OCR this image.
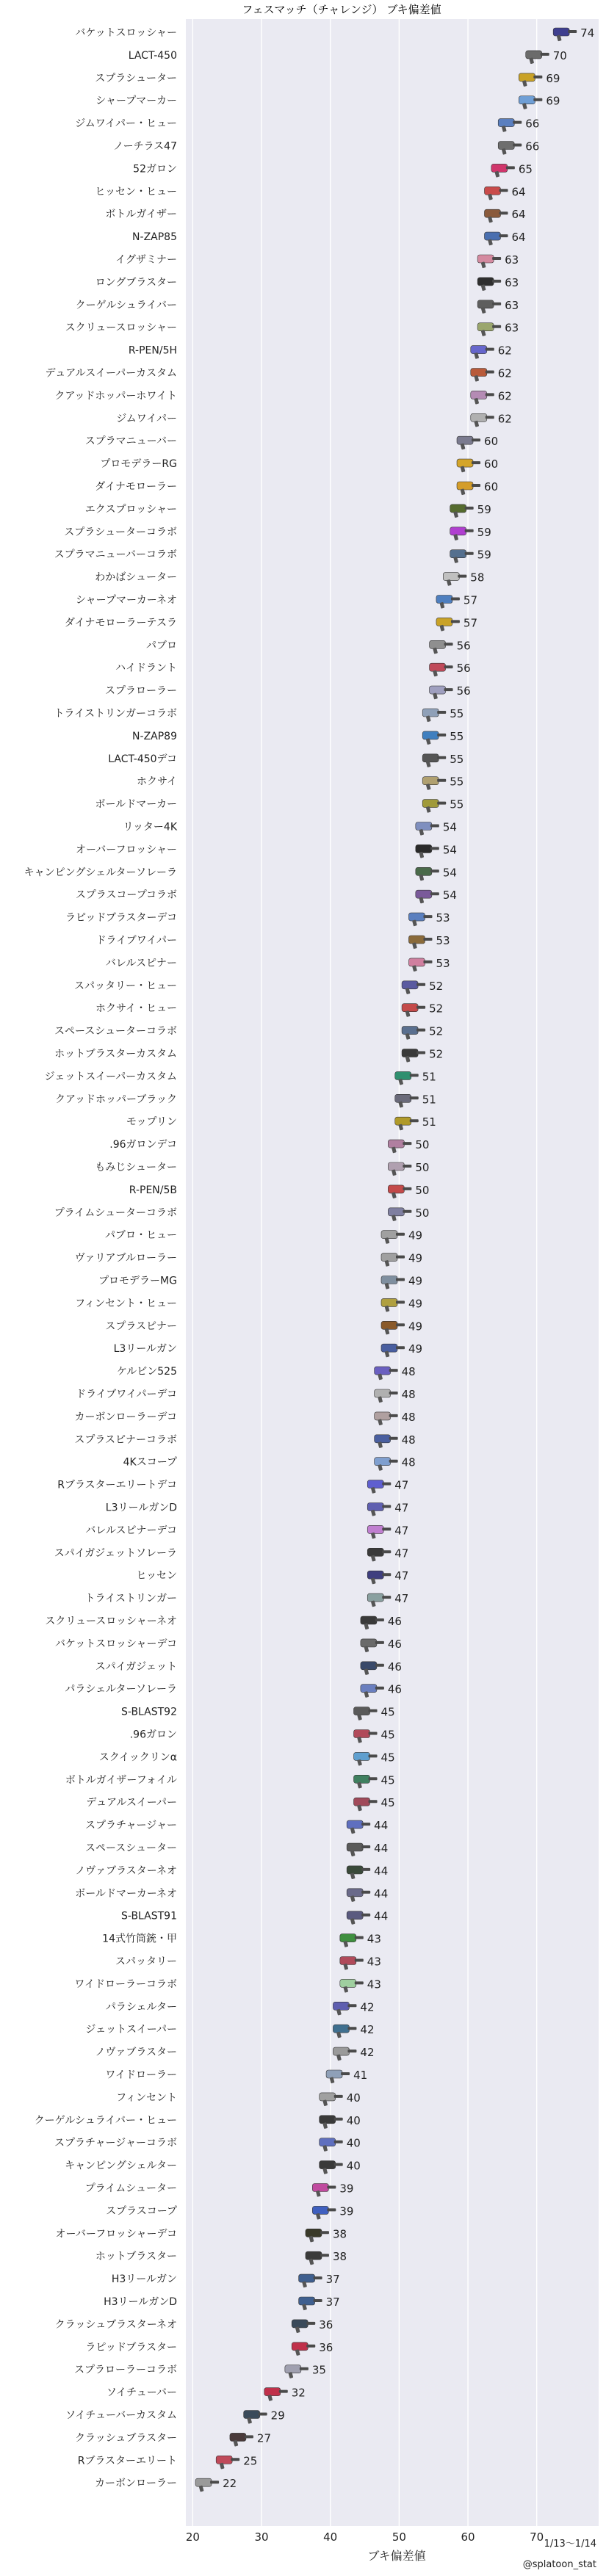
バケットスロッシャー
LACT-450
スプラシューター
シャープマーカー
ジムワイパー・ヒュー
ノーチラス47
52ガロン
ヒッセン・ヒュー
ボトルガイザー
N-ZAP85
イグザミナー
ロングブラスター
クーゲルシュライバー
スクリュースロッシャー
R-PEN/5H
デュアルスイーパーカスタム
クアッドホッパーホワイト
ジムワイパー
スプラマニューバー
プロモデラーRG
ダイナモローラー
エクスプロッシャー
スプラシューターコラボ
スプラマニューバーコラボ
わかばシューター
シャープマーカーネオ
ダイナモローラーテスラ
パブロ
ハイドラント
スプラローラー
トライストリンガーコラボ
N-ZAP89
LACT-450デコ
ホクサイ
ボールドマーカー
リッター4K
オーバーフロッシャー
キャンピングシェルターソレーラ
スプラスコープコラボ
ラピッドブラスターデコ
ドライブワイパー
バレルスピナー
スパッタリー・ヒュー
ホクサイ・ヒュー
スペースシューターコラボ
ホットブラスターカスタム
ジェットスイーパーカスタム
クアッドホッパーブラック
モップリン
.96ガロンデコ
もみじシューター
R-PEN/5B
プライムシューターコラボ
パブロ・ヒュー
ヴァリアブルローラー
プロモデラーMG
フィンセント・ヒュー
スプラスピナー
L3リールガン
ケルビン525
ドライブワイパーデコ
カーボンローラーデコ
スプラスピナーコラボ
4Kスコープ
Rブラスターエリートデコ
L3リールガンD
バレルスピナーデコ
スパイガジェットソレーラ
ヒッセン
トライストリンガー
スクリュースロッシャーネオ
バケットスロッシャーデコ
スパイガジェット
パラシェルターソレーラ
S-BLAST92
.96ガロン
スクイックリンα
ボトルガイザーフォイル
デュアルスイーパー
スプラチャージャー
スペースシューター
ノヴァブラスターネオ
ボールドマーカーネオ
S-BLAST91
14式竹筒銃・甲
スパッタリー
ワイドローラーコラボ
パラシェルター
ジェットスイーパー
ノヴァブラスター
ワイドローラー
フィンセント
クーゲルシュライバー・ヒュー
スプラチャージャーコラボ
キャンピングシェルター
プライムシューター
スプラスコープ
オーバーフロッシャーデコ
ホットブラスター
H3リールガン
H3リールガンD
クラッシュブラスターネオ
ラピッドブラスター
スプラローラーコラボ
ソイチューバー
ソイチューバーカスタム
クラッシュブラスター
Rブラスターエリート
カーボンローラー
74
70
69
69
66
66
65
64
64
64
63
63
63
63
62
62
62
62
60
60
60
59
59
59
58
57
57
56
56
56
55
55
55
55
55
54
54
54
54
53
53
53
52
52
52
52
51
51
51
50
50
50
50
49
49
49
49
49
49
48
48
48
48
48
47
47
47
47
47
47
46
46
46
46
45
45
45
45
45
44
44
44
44
44
43
43
43
42
42
42
41
40
40
40
40
39
39
38
38
37
37
36
36
35
32
29
27
25
22
20	30	40	50	60	70
フェスマッチ（チャレンジ） ブキ偏差値
ブキ偏差値
1/13〜1/14
@splatoon_stat
